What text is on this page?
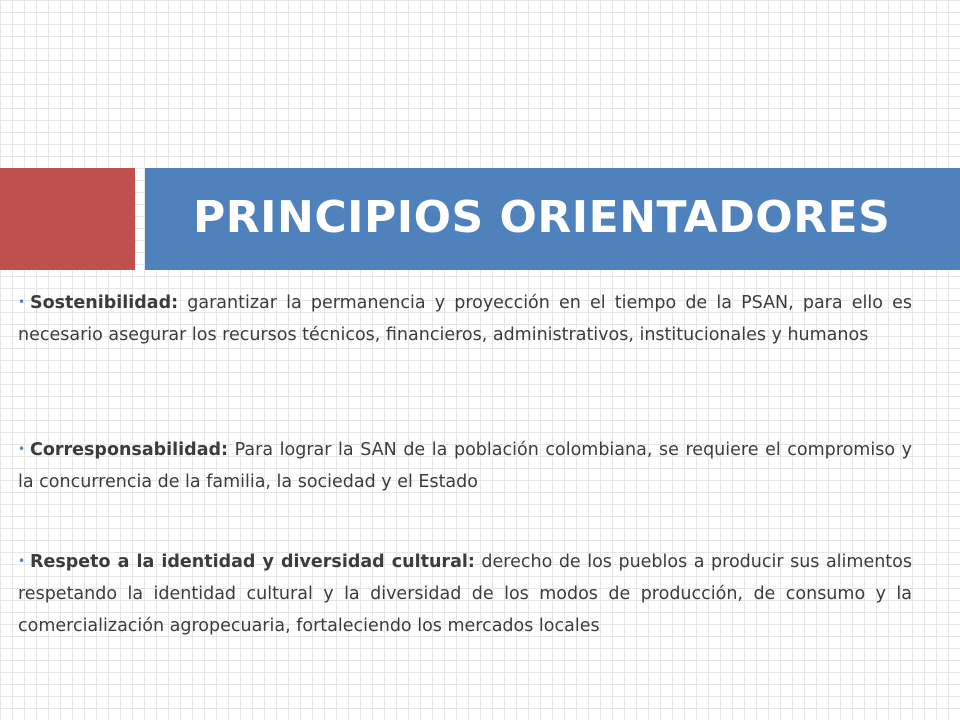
PRINCIPIOS ORIENTADORES

• Sostenibilidad: garantizar la permanencia y proyección en el tiempo de la PSAN, para ello es necesario asegurar los recursos técnicos, financieros, administrativos, institucionales y humanos

• Corresponsabilidad: Para lograr la SAN de la población colombiana, se requiere el compromiso y la concurrencia de la familia, la sociedad y el Estado

• Respeto a la identidad y diversidad cultural: derecho de los pueblos a producir sus alimentos respetando la identidad cultural y la diversidad de los modos de producción, de consumo y la comercialización agropecuaria, fortaleciendo los mercados locales
